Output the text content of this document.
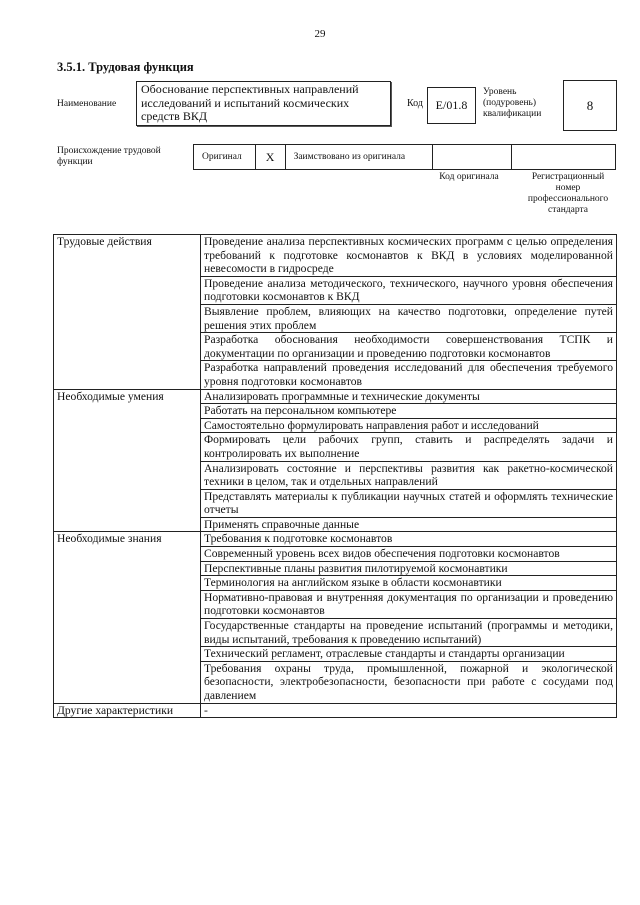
29
3.5.1. Трудовая функция
Наименование
Обоснование перспективных направлений исследований и испытаний космических средств ВКД
Код	E/01.8
Уровень (подуровень) квалификации
8
Происхождение трудовой функции	Оригинал	X	Заимствовано из оригинала
Код оригинала	Регистрационный номер профессионального стандарта
Трудовые действия	Проведение анализа перспективных космических программ с целью определения требований к подготовке космонавтов к ВКД в условиях моделированной невесомости в гидросреде
	Проведение анализа методического, технического, научного уровня обеспечения подготовки космонавтов к ВКД
	Выявление проблем, влияющих на качество подготовки, определение путей решения этих проблем
	Разработка обоснования необходимости совершенствования ТСПК и документации по организации и проведению подготовки космонавтов
	Разработка направлений проведения исследований для обеспечения требуемого уровня подготовки космонавтов
Необходимые умения	Анализировать программные и технические документы
	Работать на персональном компьютере
	Самостоятельно формулировать направления работ и исследований
	Формировать цели рабочих групп, ставить и распределять задачи и контролировать их выполнение
	Анализировать состояние и перспективы развития как ракетно-космической техники в целом, так и отдельных направлений
	Представлять материалы к публикации научных статей и оформлять технические отчеты
	Применять справочные данные
Необходимые знания	Требования к подготовке космонавтов
	Современный уровень всех видов обеспечения подготовки космонавтов
	Перспективные планы развития пилотируемой космонавтики
	Терминология на английском языке в области космонавтики
	Нормативно-правовая и внутренняя документация по организации и проведению подготовки космонавтов
	Государственные стандарты на проведение испытаний (программы и методики, виды испытаний, требования к проведению испытаний)
	Технический регламент, отраслевые стандарты и стандарты организации
	Требования охраны труда, промышленной, пожарной и экологической безопасности, электробезопасности, безопасности при работе с сосудами под давлением
Другие характеристики	-
